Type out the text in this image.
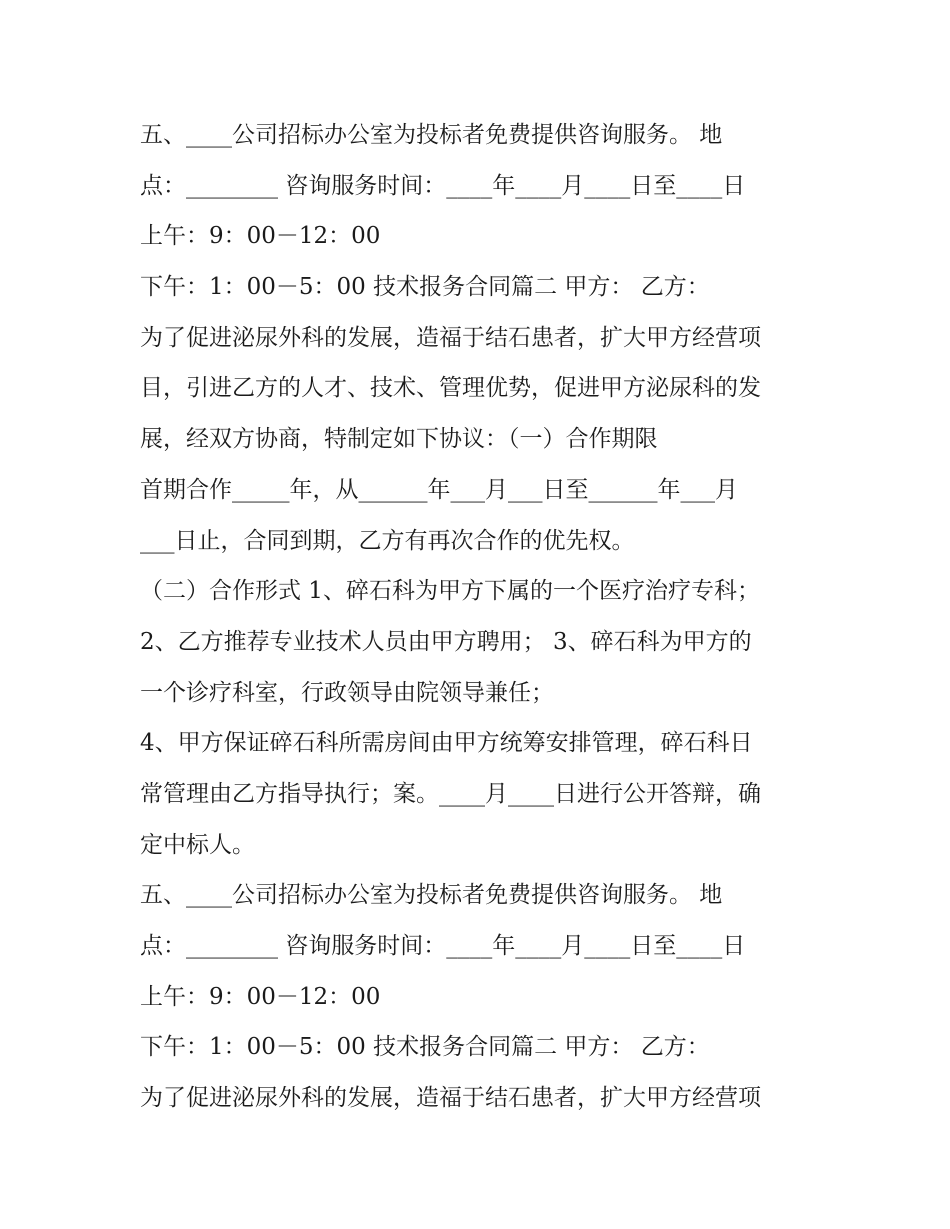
五、____公司招标办公室为投标者免费提供咨询服务。 地
点：________ 咨询服务时间：____年____月____日至____日
上午：9：00－12：00
下午：1：00－5：00 技术报务合同篇二 甲方： 乙方：
为了促进泌尿外科的发展，造福于结石患者，扩大甲方经营项
目，引进乙方的人才、技术、管理优势，促进甲方泌尿科的发
展，经双方协商，特制定如下协议：（一）合作期限
首期合作_____年，从______年___月___日至______年___月
___日止，合同到期，乙方有再次合作的优先权。
（二）合作形式 1、碎石科为甲方下属的一个医疗治疗专科；
2、乙方推荐专业技术人员由甲方聘用； 3、碎石科为甲方的
一个诊疗科室，行政领导由院领导兼任；
4、甲方保证碎石科所需房间由甲方统筹安排管理，碎石科日
常管理由乙方指导执行；案。____月____日进行公开答辩，确
定中标人。
五、____公司招标办公室为投标者免费提供咨询服务。 地
点：________ 咨询服务时间：____年____月____日至____日
上午：9：00－12：00
下午：1：00－5：00 技术报务合同篇二 甲方： 乙方：
为了促进泌尿外科的发展，造福于结石患者，扩大甲方经营项
